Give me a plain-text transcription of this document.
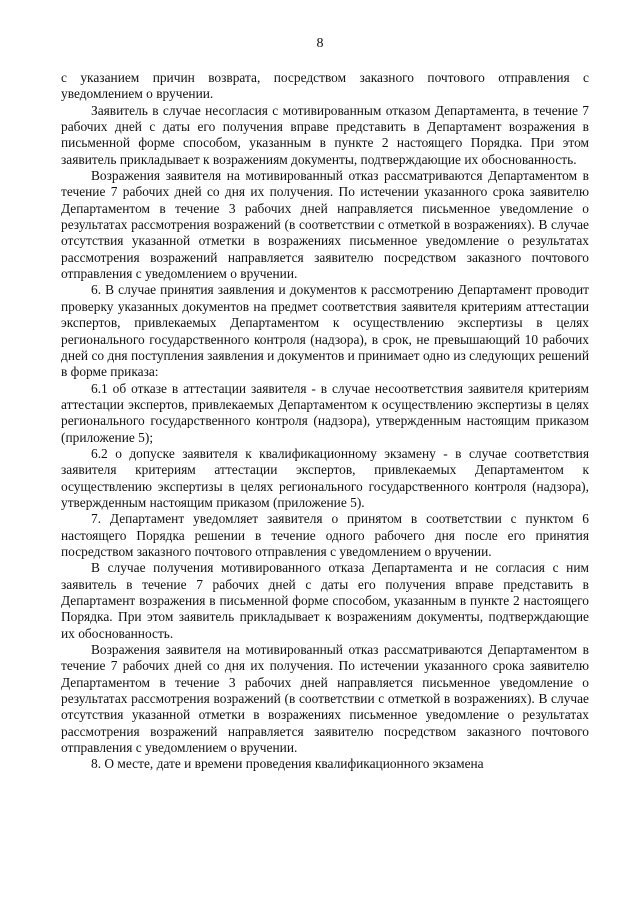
8

с указанием причин возврата, посредством заказного почтового отправления с уведомлением о вручении.

Заявитель в случае несогласия с мотивированным отказом Департамента, в течение 7 рабочих дней с даты его получения вправе представить в Департамент возражения в письменной форме способом, указанным в пункте 2 настоящего Порядка. При этом заявитель прикладывает к возражениям документы, подтверждающие их обоснованность.

Возражения заявителя на мотивированный отказ рассматриваются Департаментом в течение 7 рабочих дней со дня их получения. По истечении указанного срока заявителю Департаментом в течение 3 рабочих дней направляется письменное уведомление о результатах рассмотрения возражений (в соответствии с отметкой в возражениях). В случае отсутствия указанной отметки в возражениях письменное уведомление о результатах рассмотрения возражений направляется заявителю посредством заказного почтового отправления с уведомлением о вручении.

6. В случае принятия заявления и документов к рассмотрению Департамент проводит проверку указанных документов на предмет соответствия заявителя критериям аттестации экспертов, привлекаемых Департаментом к осуществлению экспертизы в целях регионального государственного контроля (надзора), в срок, не превышающий 10 рабочих дней со дня поступления заявления и документов и принимает одно из следующих решений в форме приказа:

6.1 об отказе в аттестации заявителя - в случае несоответствия заявителя критериям аттестации экспертов, привлекаемых Департаментом к осуществлению экспертизы в целях регионального государственного контроля (надзора), утвержденным настоящим приказом (приложение 5);

6.2 о допуске заявителя к квалификационному экзамену - в случае соответствия заявителя критериям аттестации экспертов, привлекаемых Департаментом к осуществлению экспертизы в целях регионального государственного контроля (надзора), утвержденным настоящим приказом (приложение 5).

7. Департамент уведомляет заявителя о принятом в соответствии с пунктом 6 настоящего Порядка решении в течение одного рабочего дня после его принятия посредством заказного почтового отправления с уведомлением о вручении.

В случае получения мотивированного отказа Департамента и не согласия с ним заявитель в течение 7 рабочих дней с даты его получения вправе представить в Департамент возражения в письменной форме способом, указанным в пункте 2 настоящего Порядка. При этом заявитель прикладывает к возражениям документы, подтверждающие их обоснованность.

Возражения заявителя на мотивированный отказ рассматриваются Департаментом в течение 7 рабочих дней со дня их получения. По истечении указанного срока заявителю Департаментом в течение 3 рабочих дней направляется письменное уведомление о результатах рассмотрения возражений (в соответствии с отметкой в возражениях). В случае отсутствия указанной отметки в возражениях письменное уведомление о результатах рассмотрения возражений направляется заявителю посредством заказного почтового отправления с уведомлением о вручении.

8. О месте, дате и времени проведения квалификационного экзамена
